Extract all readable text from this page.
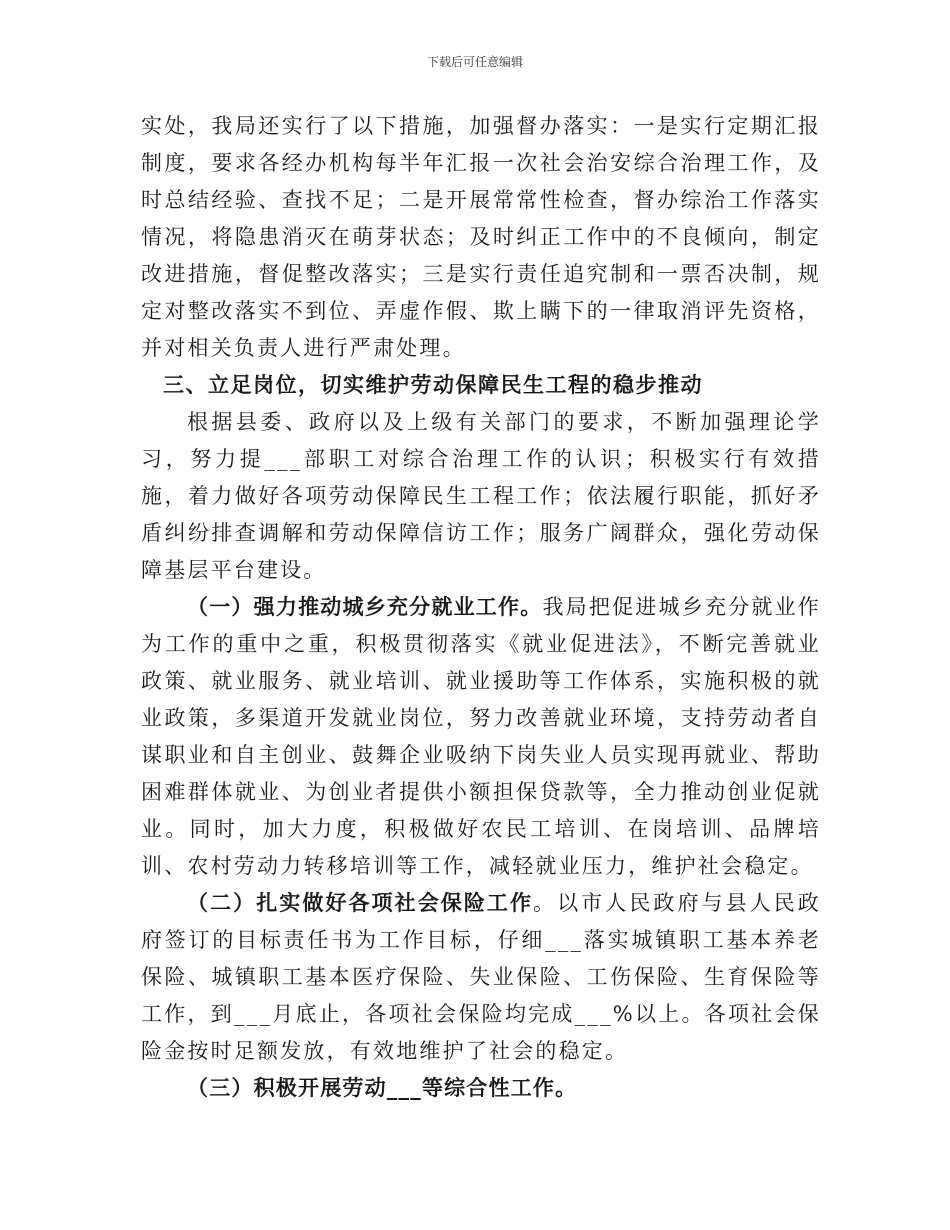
下载后可任意编辑

实处，我局还实行了以下措施，加强督办落实：一是实行定期汇报制度，要求各经办机构每半年汇报一次社会治安综合治理工作，及时总结经验、查找不足；二是开展常常性检查，督办综治工作落实情况，将隐患消灭在萌芽状态；及时纠正工作中的不良倾向，制定改进措施，督促整改落实；三是实行责任追究制和一票否决制，规定对整改落实不到位、弄虚作假、欺上瞒下的一律取消评先资格，并对相关负责人进行严肃处理。

三、立足岗位，切实维护劳动保障民生工程的稳步推动

根据县委、政府以及上级有关部门的要求，不断加强理论学习，努力提___部职工对综合治理工作的认识；积极实行有效措施，着力做好各项劳动保障民生工程工作；依法履行职能，抓好矛盾纠纷排查调解和劳动保障信访工作；服务广阔群众，强化劳动保障基层平台建设。

（一）强力推动城乡充分就业工作。我局把促进城乡充分就业作为工作的重中之重，积极贯彻落实《就业促进法》，不断完善就业政策、就业服务、就业培训、就业援助等工作体系，实施积极的就业政策，多渠道开发就业岗位，努力改善就业环境，支持劳动者自谋职业和自主创业、鼓舞企业吸纳下岗失业人员实现再就业、帮助困难群体就业、为创业者提供小额担保贷款等，全力推动创业促就业。同时，加大力度，积极做好农民工培训、在岗培训、品牌培训、农村劳动力转移培训等工作，减轻就业压力，维护社会稳定。

（二）扎实做好各项社会保险工作。以市人民政府与县人民政府签订的目标责任书为工作目标，仔细___落实城镇职工基本养老保险、城镇职工基本医疗保险、失业保险、工伤保险、生育保险等工作，到___月底止，各项社会保险均完成___%以上。各项社会保险金按时足额发放，有效地维护了社会的稳定。

（三）积极开展劳动___等综合性工作。
